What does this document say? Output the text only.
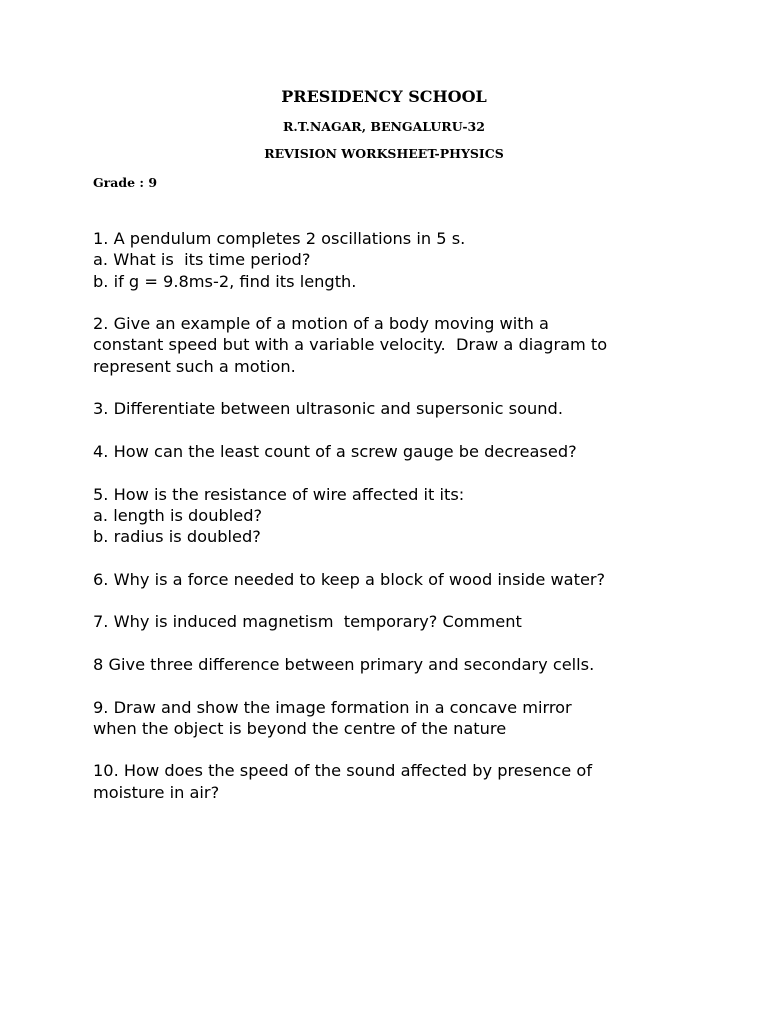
PRESIDENCY SCHOOL
R.T.NAGAR, BENGALURU-32
REVISION WORKSHEET-PHYSICS
Grade : 9
1. A pendulum completes 2 oscillations in 5 s.
a. What is  its time period?
b. if g = 9.8ms-2, find its length.
2. Give an example of a motion of a body moving with a
constant speed but with a variable velocity.  Draw a diagram to
represent such a motion.
3. Differentiate between ultrasonic and supersonic sound.
4. How can the least count of a screw gauge be decreased?
5. How is the resistance of wire affected it its:
a. length is doubled?
b. radius is doubled?
6. Why is a force needed to keep a block of wood inside water?
7. Why is induced magnetism  temporary? Comment
8 Give three difference between primary and secondary cells.
9. Draw and show the image formation in a concave mirror
when the object is beyond the centre of the nature
10. How does the speed of the sound affected by presence of
moisture in air?
